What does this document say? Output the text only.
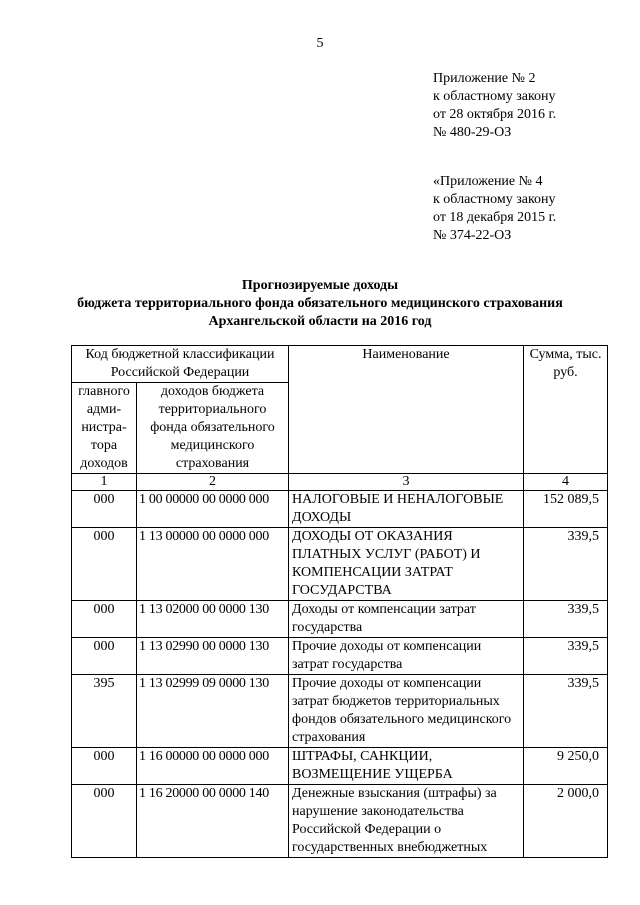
5
Приложение № 2
к областному закону
от 28 октября 2016 г.
№ 480-29-ОЗ
«Приложение № 4
к областному закону
от 18 декабря 2015 г.
№ 374-22-ОЗ
Прогнозируемые доходы
бюджета территориального фонда обязательного медицинского страхования
Архангельской области на 2016 год
Код бюджетной классификации Российской Федерации		Наименование	Сумма, тыс. руб.
главного адми-нистра-тора доходов	доходов бюджета территориального фонда обязательного медицинского страхования		
1	2	3	4
000	1 00 00000 00 0000 000	НАЛОГОВЫЕ И НЕНАЛОГОВЫЕ ДОХОДЫ	152 089,5
000	1 13 00000 00 0000 000	ДОХОДЫ ОТ ОКАЗАНИЯ ПЛАТНЫХ УСЛУГ (РАБОТ) И КОМПЕНСАЦИИ ЗАТРАТ ГОСУДАРСТВА	339,5
000	1 13 02000 00 0000 130	Доходы от компенсации затрат государства	339,5
000	1 13 02990 00 0000 130	Прочие доходы от компенсации затрат государства	339,5
395	1 13 02999 09 0000 130	Прочие доходы от компенсации затрат бюджетов территориальных фондов обязательного медицинского страхования	339,5
000	1 16 00000 00 0000 000	ШТРАФЫ, САНКЦИИ, ВОЗМЕЩЕНИЕ УЩЕРБА	9 250,0
000	1 16 20000 00 0000 140	Денежные взыскания (штрафы) за нарушение законодательства Российской Федерации о государственных внебюджетных	2 000,0
